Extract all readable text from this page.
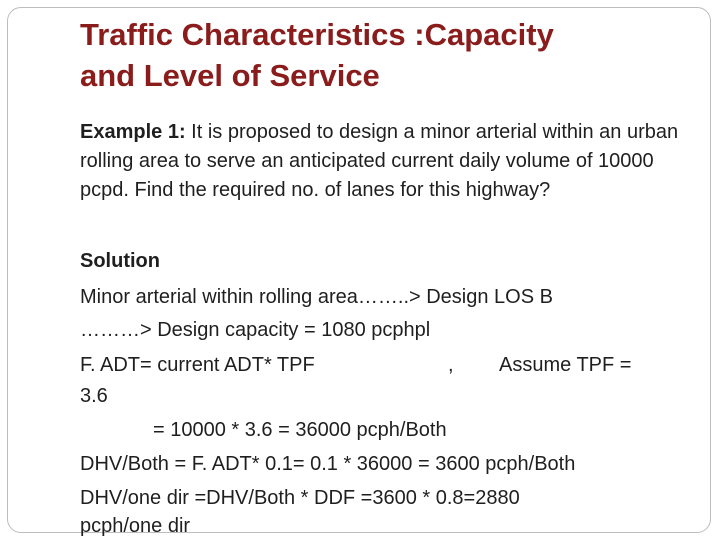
Traffic Characteristics :Capacity
and Level of Service
Example 1: It is proposed to design a minor arterial within an urban rolling area to serve an anticipated current daily volume of 10000 pcpd. Find the required no. of lanes for this highway?
Solution
Minor arterial within rolling area……..> Design LOS B
………> Design capacity = 1080 pcphpl
F. ADT= current ADT* TPF	, Assume TPF =
3.6
= 10000 * 3.6 = 36000 pcph/Both
DHV/Both = F. ADT* 0.1= 0.1 * 36000 = 3600 pcph/Both
DHV/one dir =DHV/Both * DDF =3600 * 0.8=2880
pcph/one dir
